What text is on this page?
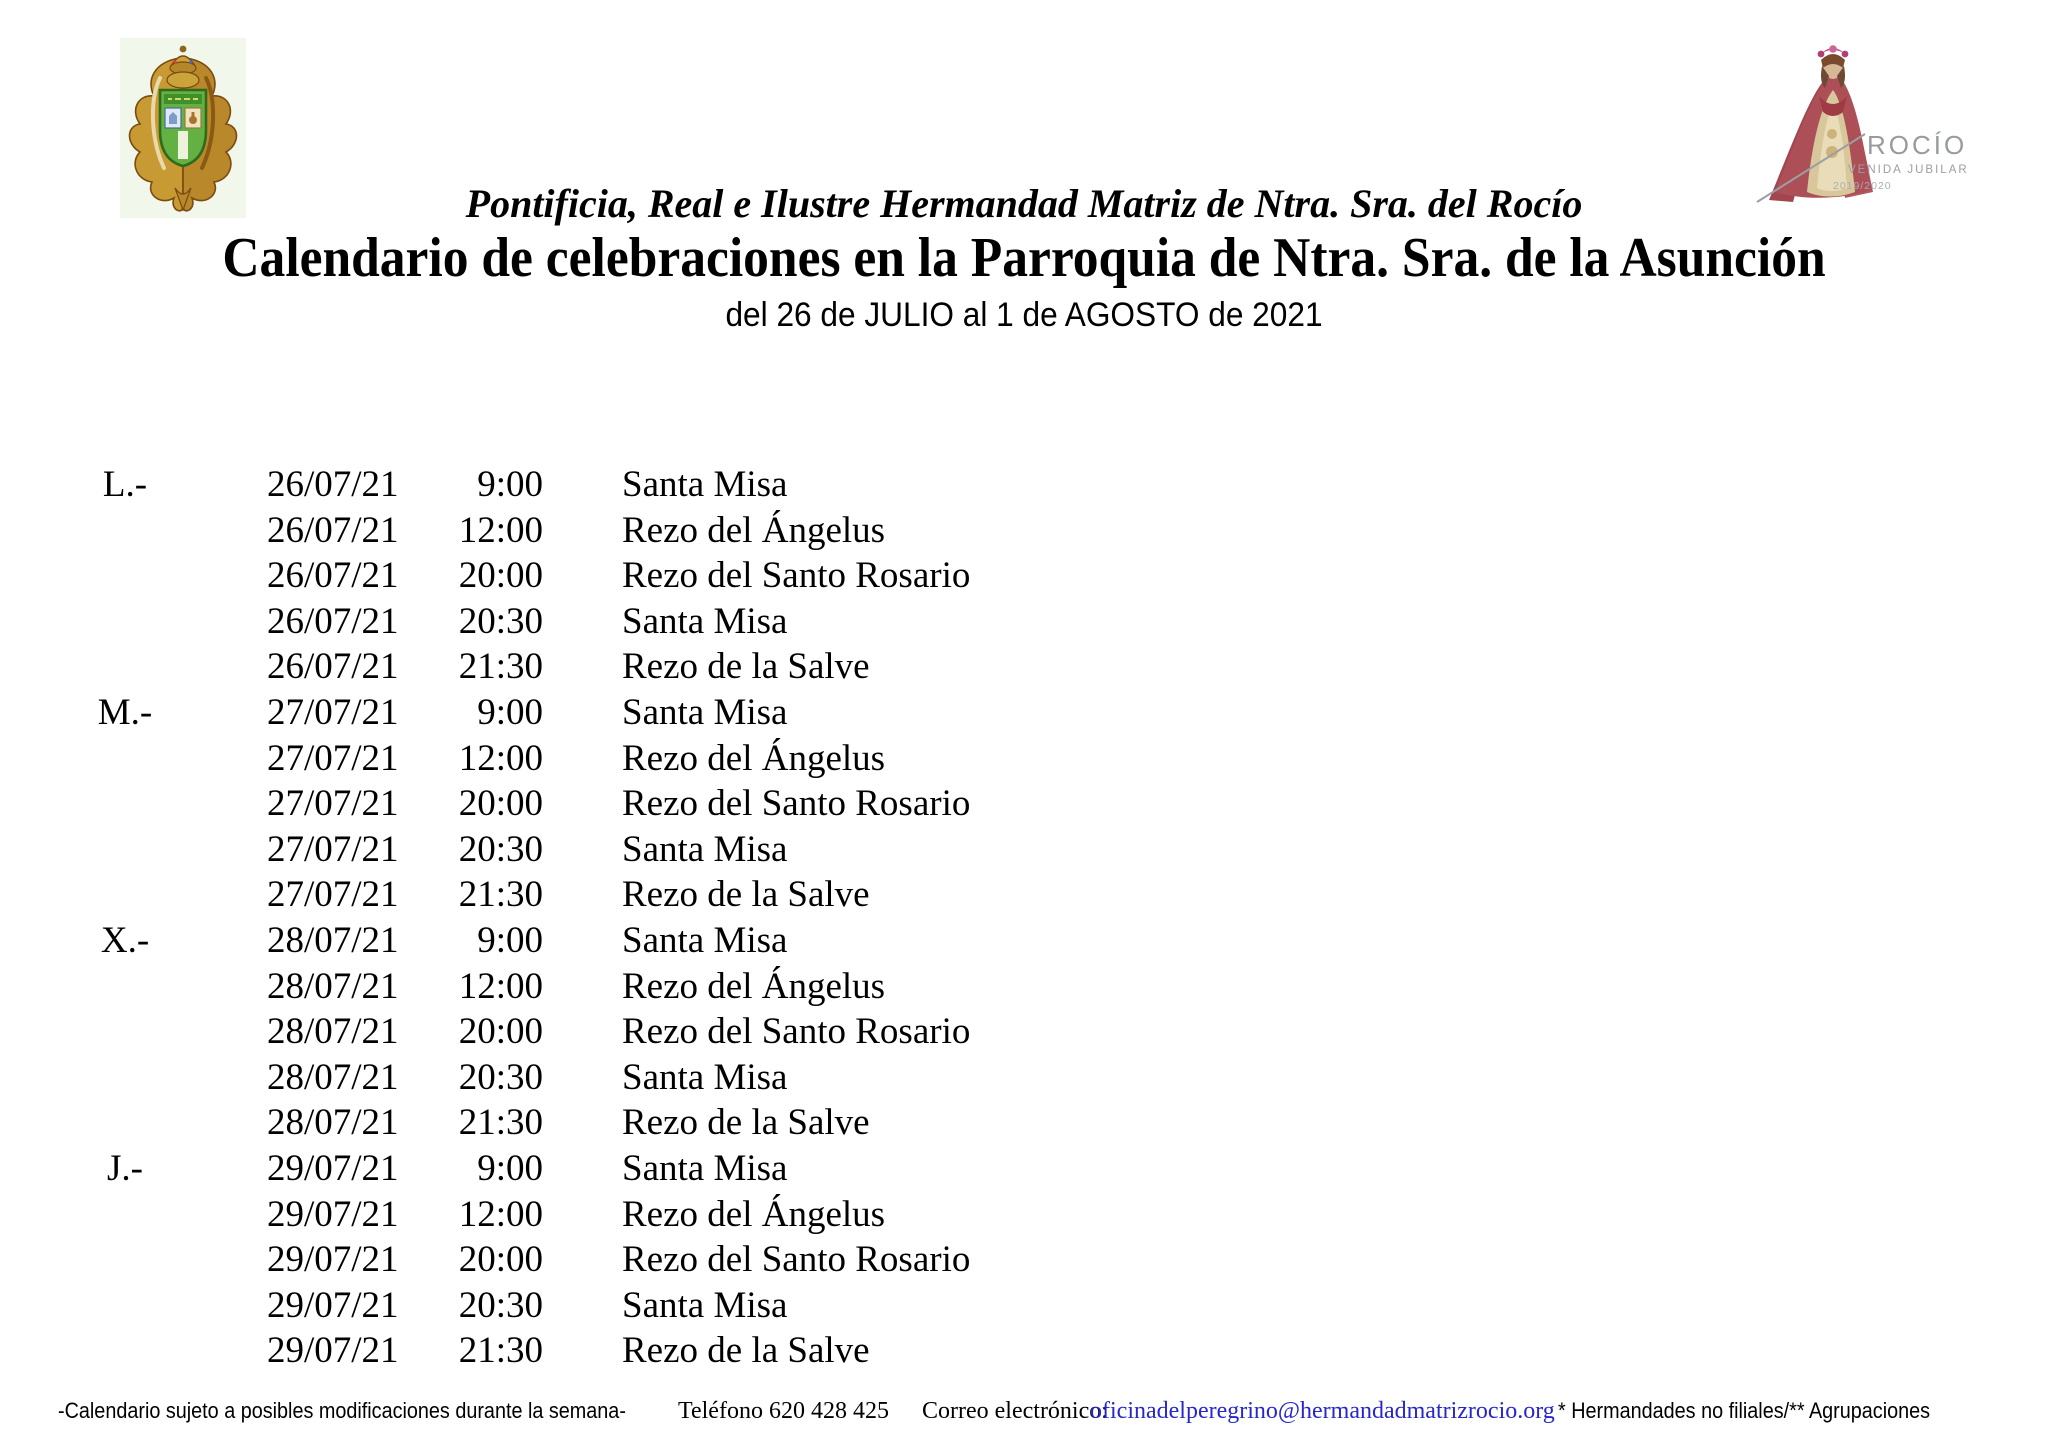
ROCÍO
VENIDA JUBILAR
2019/2020
Pontificia, Real e Ilustre Hermandad Matriz de Ntra. Sra. del Rocío
Calendario de celebraciones en la Parroquia de Ntra. Sra. de la Asunción
del 26 de JULIO al 1 de AGOSTO de 2021
L.-	26/07/21	9:00 Santa Misa
26/07/21	12:00 Rezo del Ángelus
26/07/21	20:00 Rezo del Santo Rosario
26/07/21	20:30 Santa Misa
26/07/21	21:30 Rezo de la Salve
M.-	27/07/21	9:00 Santa Misa
27/07/21	12:00 Rezo del Ángelus
27/07/21	20:00 Rezo del Santo Rosario
27/07/21	20:30 Santa Misa
27/07/21	21:30 Rezo de la Salve
X.-	28/07/21	9:00 Santa Misa
28/07/21	12:00 Rezo del Ángelus
28/07/21	20:00 Rezo del Santo Rosario
28/07/21	20:30 Santa Misa
28/07/21	21:30 Rezo de la Salve
J.-	29/07/21	9:00 Santa Misa
29/07/21	12:00 Rezo del Ángelus
29/07/21	20:00 Rezo del Santo Rosario
29/07/21	20:30 Santa Misa
29/07/21	21:30 Rezo de la Salve
-Calendario sujeto a posibles modificaciones durante la semana- Teléfono 620 428 425 Correo electrónico:
oficinadelperegrino@hermandadmatrizrocio.org * Hermandades no filiales/** Agrupaciones
